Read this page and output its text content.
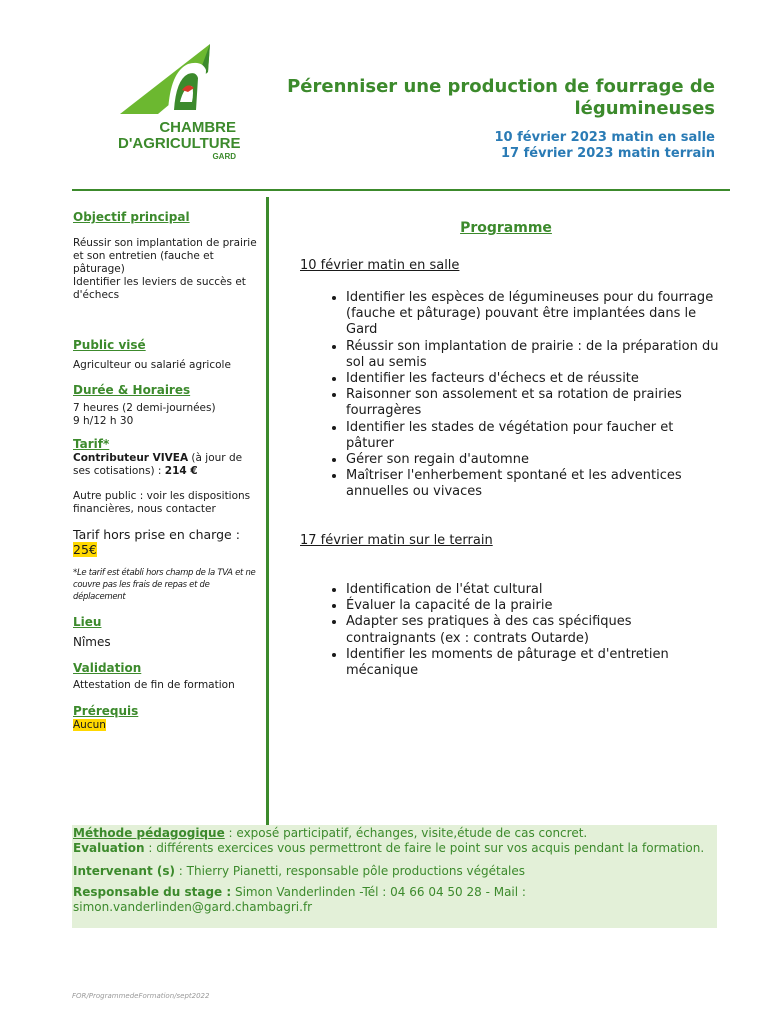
CHAMBRE
D'AGRICULTURE
GARD
Pérenniser une production de fourrage de
légumineuses
10 février 2023 matin en salle
17 février 2023 matin terrain
Objectif principal

Réussir son implantation de prairie et son entretien (fauche et pâturage)

Identifier les leviers de succès et d'échecs

Public visé

Agriculteur ou salarié agricole

Durée & Horaires

7 heures (2 demi-journées)

9 h/12 h 30

Tarif*

Contributeur VIVEA (à jour de ses cotisations) : 214 €

Autre public : voir les dispositions financières, nous contacter

Tarif hors prise en charge :

25€

*Le tarif est établi hors champ de la TVA et ne couvre pas les frais de repas et de déplacement

Lieu

Nîmes

Validation

Attestation de fin de formation

Prérequis

Aucun

Programme
10 février matin en salle
• Identifier les espèces de légumineuses pour du fourrage (fauche et pâturage) pouvant être implantées dans le Gard
• Réussir son implantation de prairie : de la préparation du sol au semis
• Identifier les facteurs d'échecs et de réussite
• Raisonner son assolement et sa rotation de prairies fourragères
• Identifier les stades de végétation pour faucher et pâturer
• Gérer son regain d'automne
• Maîtriser l'enherbement spontané et les adventices annuelles ou vivaces
17 février matin sur le terrain
• Identification de l'état cultural
• Évaluer la capacité de la prairie
• Adapter ses pratiques à des cas spécifiques contraignants (ex : contrats Outarde)
• Identifier les moments de pâturage et d'entretien mécanique
Méthode pédagogique : exposé participatif, échanges, visite,étude de cas concret.
Evaluation : différents exercices vous permettront de faire le point sur vos acquis pendant la formation.
Intervenant (s) : Thierry Pianetti, responsable pôle productions végétales
Responsable du stage : Simon Vanderlinden -Tél : 04 66 04 50 28 - Mail : simon.vanderlinden@gard.chambagri.fr
FOR/ProgrammedeFormation/sept2022
